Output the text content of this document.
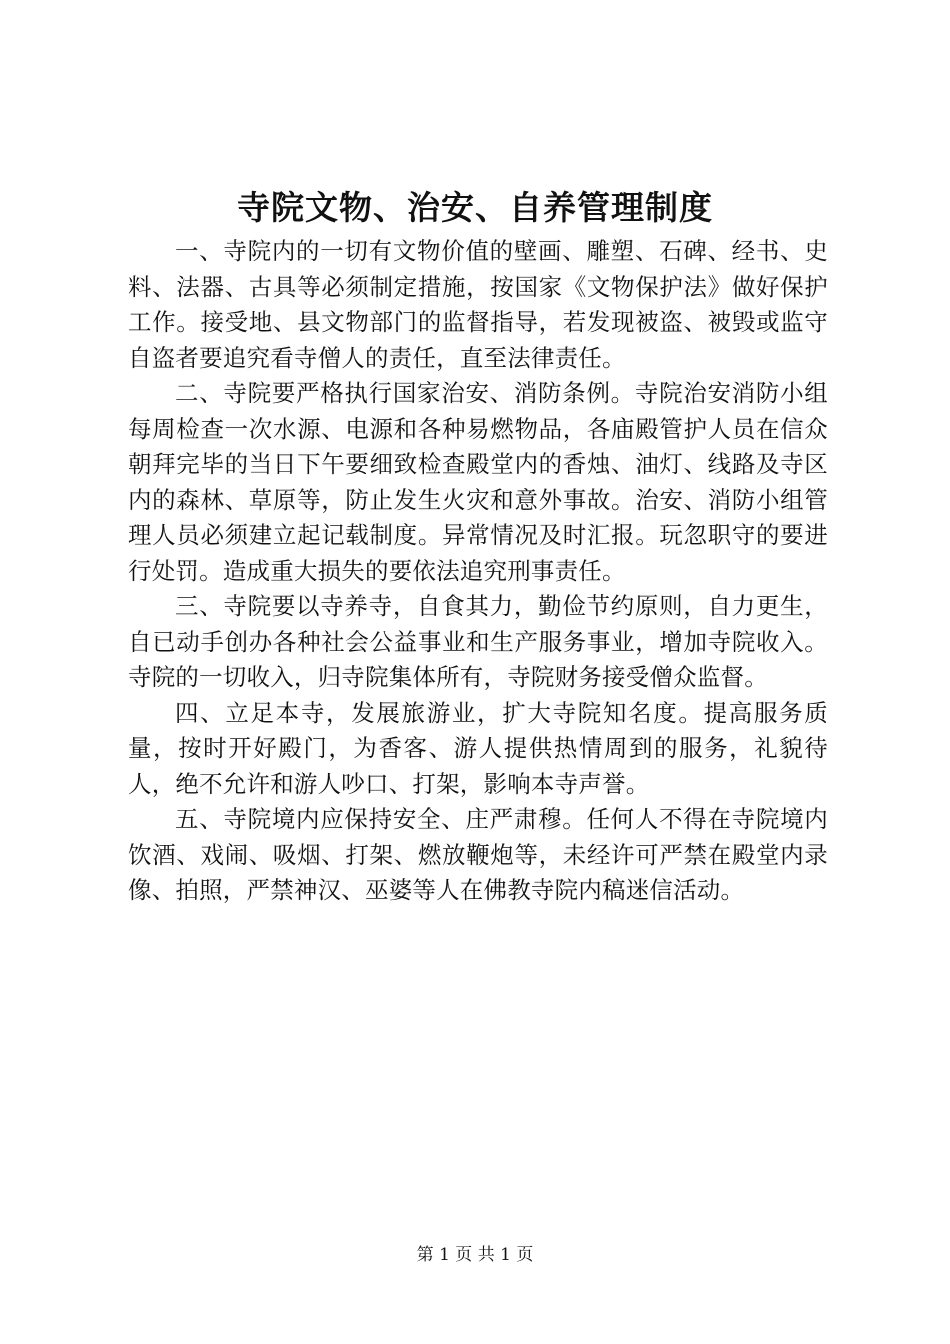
寺院文物、治安、自养管理制度

一、寺院内的一切有文物价值的壁画、雕塑、石碑、经书、史料、法器、古具等必须制定措施，按国家《文物保护法》做好保护工作。接受地、县文物部门的监督指导，若发现被盗、被毁或监守自盗者要追究看寺僧人的责任，直至法律责任。

二、寺院要严格执行国家治安、消防条例。寺院治安消防小组每周检查一次水源、电源和各种易燃物品，各庙殿管护人员在信众朝拜完毕的当日下午要细致检查殿堂内的香烛、油灯、线路及寺区内的森林、草原等，防止发生火灾和意外事故。治安、消防小组管理人员必须建立起记载制度。异常情况及时汇报。玩忽职守的要进行处罚。造成重大损失的要依法追究刑事责任。

三、寺院要以寺养寺，自食其力，勤俭节约原则，自力更生，自已动手创办各种社会公益事业和生产服务事业，增加寺院收入。寺院的一切收入，归寺院集体所有，寺院财务接受僧众监督。

四、立足本寺，发展旅游业，扩大寺院知名度。提高服务质量，按时开好殿门，为香客、游人提供热情周到的服务，礼貌待人，绝不允许和游人吵口、打架，影响本寺声誉。

五、寺院境内应保持安全、庄严肃穆。任何人不得在寺院境内饮酒、戏闹、吸烟、打架、燃放鞭炮等，未经许可严禁在殿堂内录像、拍照，严禁神汉、巫婆等人在佛教寺院内稿迷信活动。

第 1 页 共 1 页
